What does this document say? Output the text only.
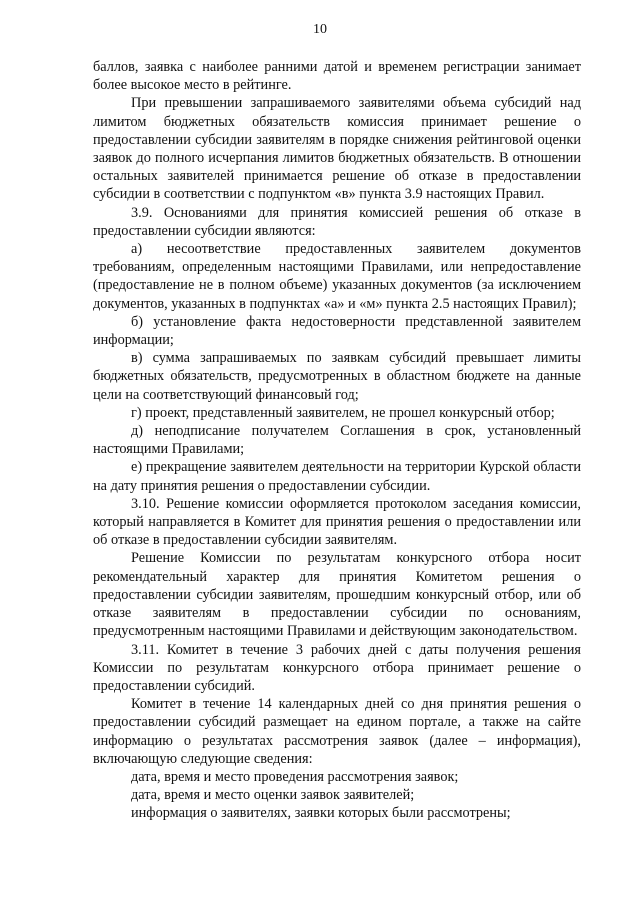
10

баллов, заявка с наиболее ранними датой и временем регистрации занимает более высокое место в рейтинге.

При превышении запрашиваемого заявителями объема субсидий над лимитом бюджетных обязательств комиссия принимает решение о предоставлении субсидии заявителям в порядке снижения рейтинговой оценки заявок до полного исчерпания лимитов бюджетных обязательств. В отношении остальных заявителей принимается решение об отказе в предоставлении субсидии в соответствии с подпунктом «в» пункта 3.9 настоящих Правил.

3.9. Основаниями для принятия комиссией решения об отказе в предоставлении субсидии являются:

а) несоответствие предоставленных заявителем документов требованиям, определенным настоящими Правилами, или непредоставление (предоставление не в полном объеме) указанных документов (за исключением документов, указанных в подпунктах «а» и «м» пункта 2.5 настоящих Правил);

б) установление факта недостоверности представленной заявителем информации;

в) сумма запрашиваемых по заявкам субсидий превышает лимиты бюджетных обязательств, предусмотренных в областном бюджете на данные цели на соответствующий финансовый год;

г) проект, представленный заявителем, не прошел конкурсный отбор;

д) неподписание получателем Соглашения в срок, установленный настоящими Правилами;

е) прекращение заявителем деятельности на территории Курской области на дату принятия решения о предоставлении субсидии.

3.10. Решение комиссии оформляется протоколом заседания комиссии, который направляется в Комитет для принятия решения о предоставлении или об отказе в предоставлении субсидии заявителям.

Решение Комиссии по результатам конкурсного отбора носит рекомендательный характер для принятия Комитетом решения о предоставлении субсидии заявителям, прошедшим конкурсный отбор, или об отказе заявителям в предоставлении субсидии по основаниям, предусмотренным настоящими Правилами и действующим законодательством.

3.11. Комитет в течение 3 рабочих дней с даты получения решения Комиссии по результатам конкурсного отбора принимает решение о предоставлении субсидий.

Комитет в течение 14 календарных дней со дня принятия решения о предоставлении субсидий размещает на едином портале, а также на сайте информацию о результатах рассмотрения заявок (далее – информация), включающую следующие сведения:

дата, время и место проведения рассмотрения заявок;

дата, время и место оценки заявок заявителей;

информация о заявителях, заявки которых были рассмотрены;
